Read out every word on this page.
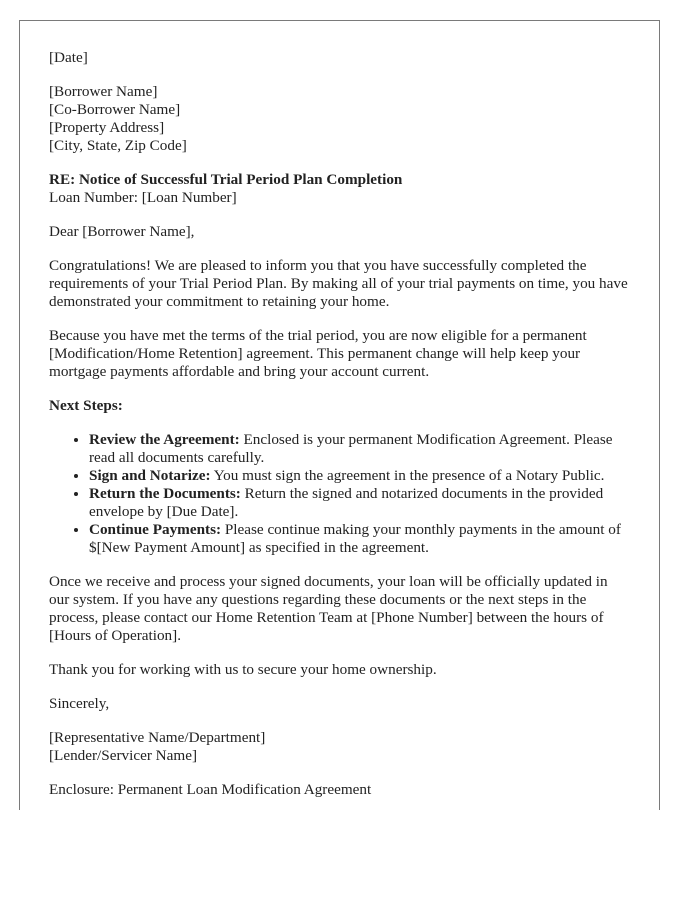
[Date]

[Borrower Name]
[Co-Borrower Name]
[Property Address]
[City, State, Zip Code]
RE: Notice of Successful Trial Period Plan Completion
Loan Number: [Loan Number]

Dear [Borrower Name],

Congratulations! We are pleased to inform you that you have successfully completed the requirements of your Trial Period Plan. By making all of your trial payments on time, you have demonstrated your commitment to retaining your home.

Because you have met the terms of the trial period, you are now eligible for a permanent [Modification/Home Retention] agreement. This permanent change will help keep your mortgage payments affordable and bring your account current.

Next Steps:

• Review the Agreement: Enclosed is your permanent Modification Agreement. Please read all documents carefully.
• Sign and Notarize: You must sign the agreement in the presence of a Notary Public.
• Return the Documents: Return the signed and notarized documents in the provided envelope by [Due Date].
• Continue Payments: Please continue making your monthly payments in the amount of $[New Payment Amount] as specified in the agreement.

Once we receive and process your signed documents, your loan will be officially updated in our system. If you have any questions regarding these documents or the next steps in the process, please contact our Home Retention Team at [Phone Number] between the hours of [Hours of Operation].

Thank you for working with us to secure your home ownership.

Sincerely,

[Representative Name/Department]
[Lender/Servicer Name]

Enclosure: Permanent Loan Modification Agreement
